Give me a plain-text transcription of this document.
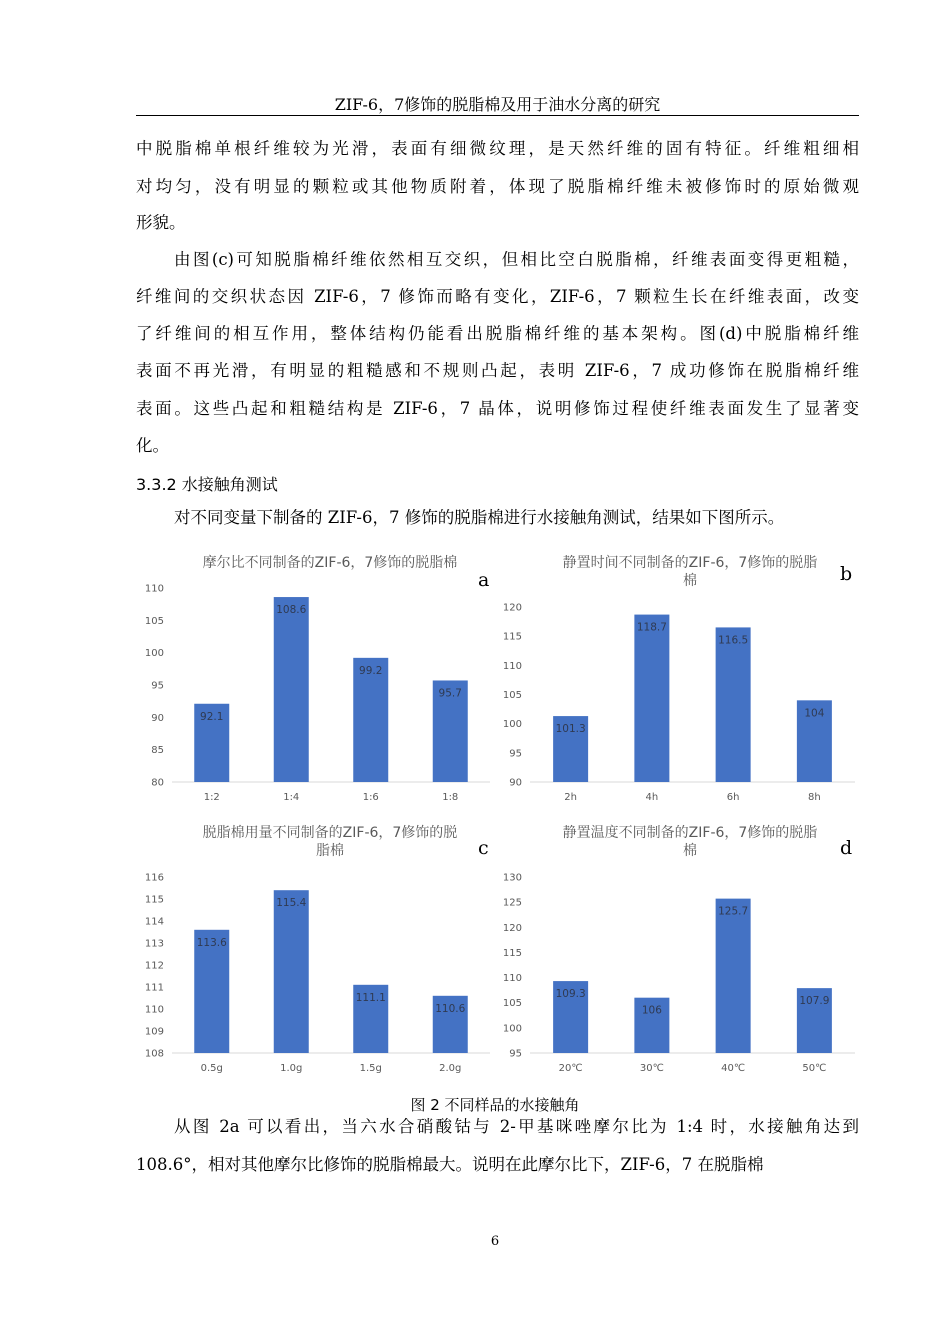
ZIF-6，7修饰的脱脂棉及用于油水分离的研究
中脱脂棉单根纤维较为光滑，表面有细微纹理，是天然纤维的固有特征。纤维粗细相
对均匀，没有明显的颗粒或其他物质附着，体现了脱脂棉纤维未被修饰时的原始微观
形貌。
由图(c)可知脱脂棉纤维依然相互交织，但相比空白脱脂棉，纤维表面变得更粗糙，
纤维间的交织状态因 ZIF-6，7 修饰而略有变化，ZIF-6，7 颗粒生长在纤维表面，改变
了纤维间的相互作用，整体结构仍能看出脱脂棉纤维的基本架构。图(d)中脱脂棉纤维
表面不再光滑，有明显的粗糙感和不规则凸起，表明 ZIF-6，7 成功修饰在脱脂棉纤维
表面。这些凸起和粗糙结构是 ZIF-6，7 晶体，说明修饰过程使纤维表面发生了显著变
化。
3.3.2 水接触角测试
对不同变量下制备的 ZIF-6，7 修饰的脱脂棉进行水接触角测试，结果如下图所示。
摩尔比不同制备的ZIF-6，7修饰的脱脂棉
a
80
85
90
95
100
105
110
92.1
1:2
108.6
1:4
99.2
1:6
95.7
1:8
静置时间不同制备的ZIF-6，7修饰的脱脂
棉	b
90
95
100
105
110
115
120
101.3
2h
118.7
4h
116.5
6h
104
8h
脱脂棉用量不同制备的ZIF-6，7修饰的脱
脂棉	c
108
109
110
111
112
113
114
115
116
113.6
0.5g
115.4
1.0g
111.1
1.5g
110.6
2.0g
静置温度不同制备的ZIF-6，7修饰的脱脂
棉	d
95
100
105
110
115
120
125
130
109.3
20℃
106
30℃
125.7
40℃
107.9
50℃
图 2 不同样品的水接触角
从图 2a 可以看出，当六水合硝酸钴与 2-甲基咪唑摩尔比为 1:4 时，水接触角达到
108.6°，相对其他摩尔比修饰的脱脂棉最大。说明在此摩尔比下，ZIF-6，7 在脱脂棉
6
